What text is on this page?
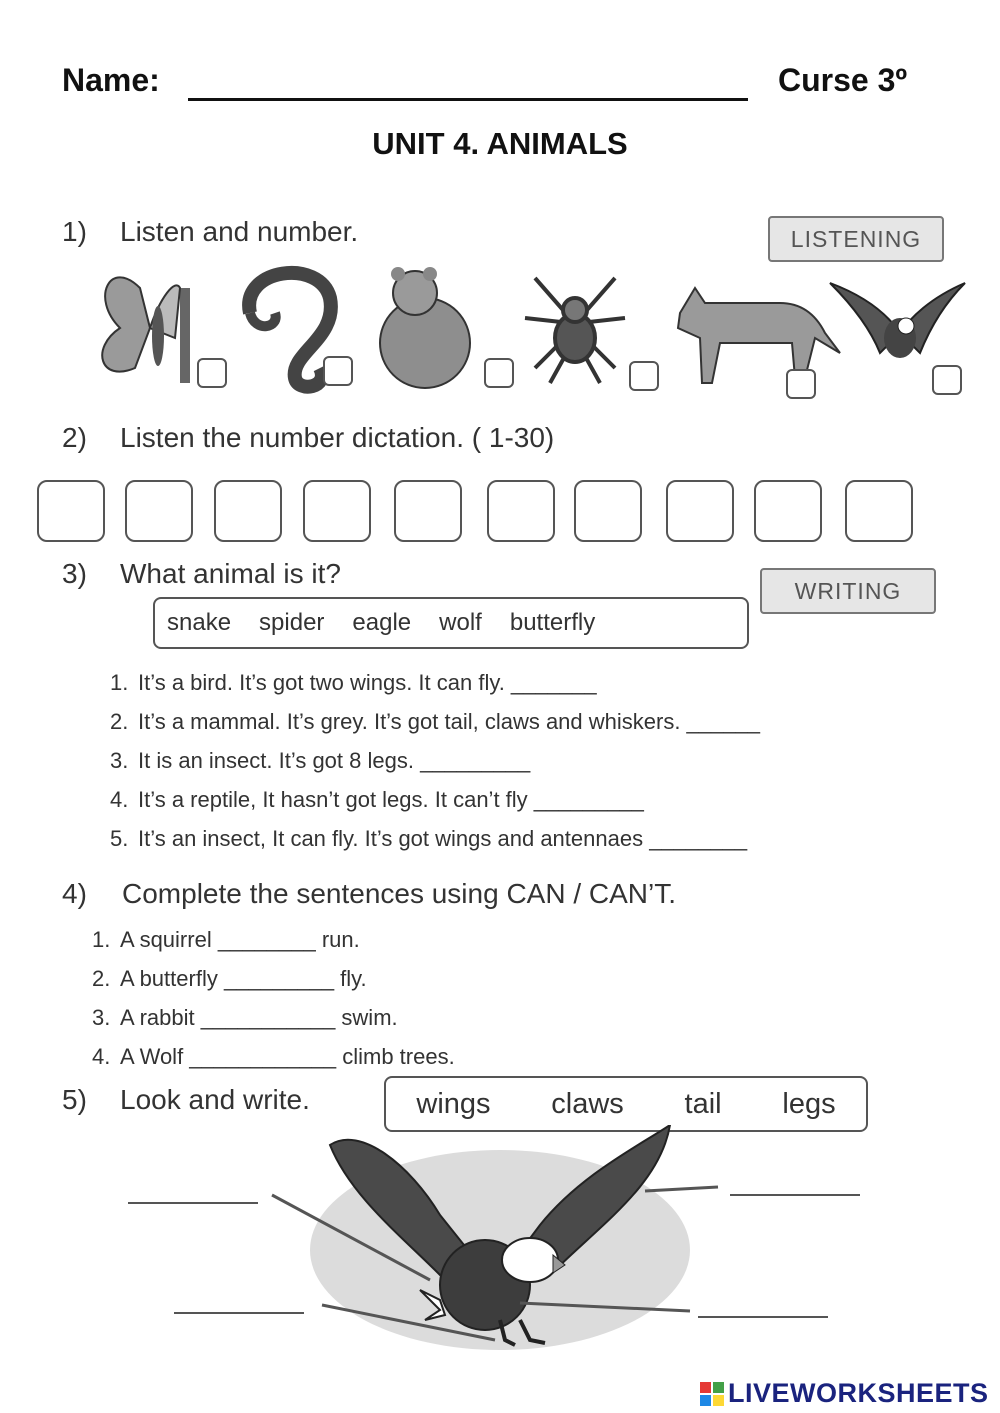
Name:	Curse 3º
UNIT 4. ANIMALS
1) Listen and number.	LISTENING
2) Listen the number dictation. ( 1-30)
3) What animal is it?
WRITING
snake spider eagle wolf butterfly
1. It’s a bird. It’s got two wings. It can fly. _______
2. It’s a mammal. It’s grey. It’s got tail, claws and whiskers. ______
3. It is an insect. It’s got 8 legs. _________
4. It’s a reptile, It hasn’t got legs. It can’t fly _________
5. It’s an insect, It can fly. It’s got wings and antennaes ________
4) Complete the sentences using CAN / CAN’T.
1. A squirrel ________ run.
2. A butterfly _________ fly.
3. A rabbit ___________ swim.
4. A Wolf ____________ climb trees.
5) Look and write.	wings claws tail legs
LIVEWORKSHEETS
